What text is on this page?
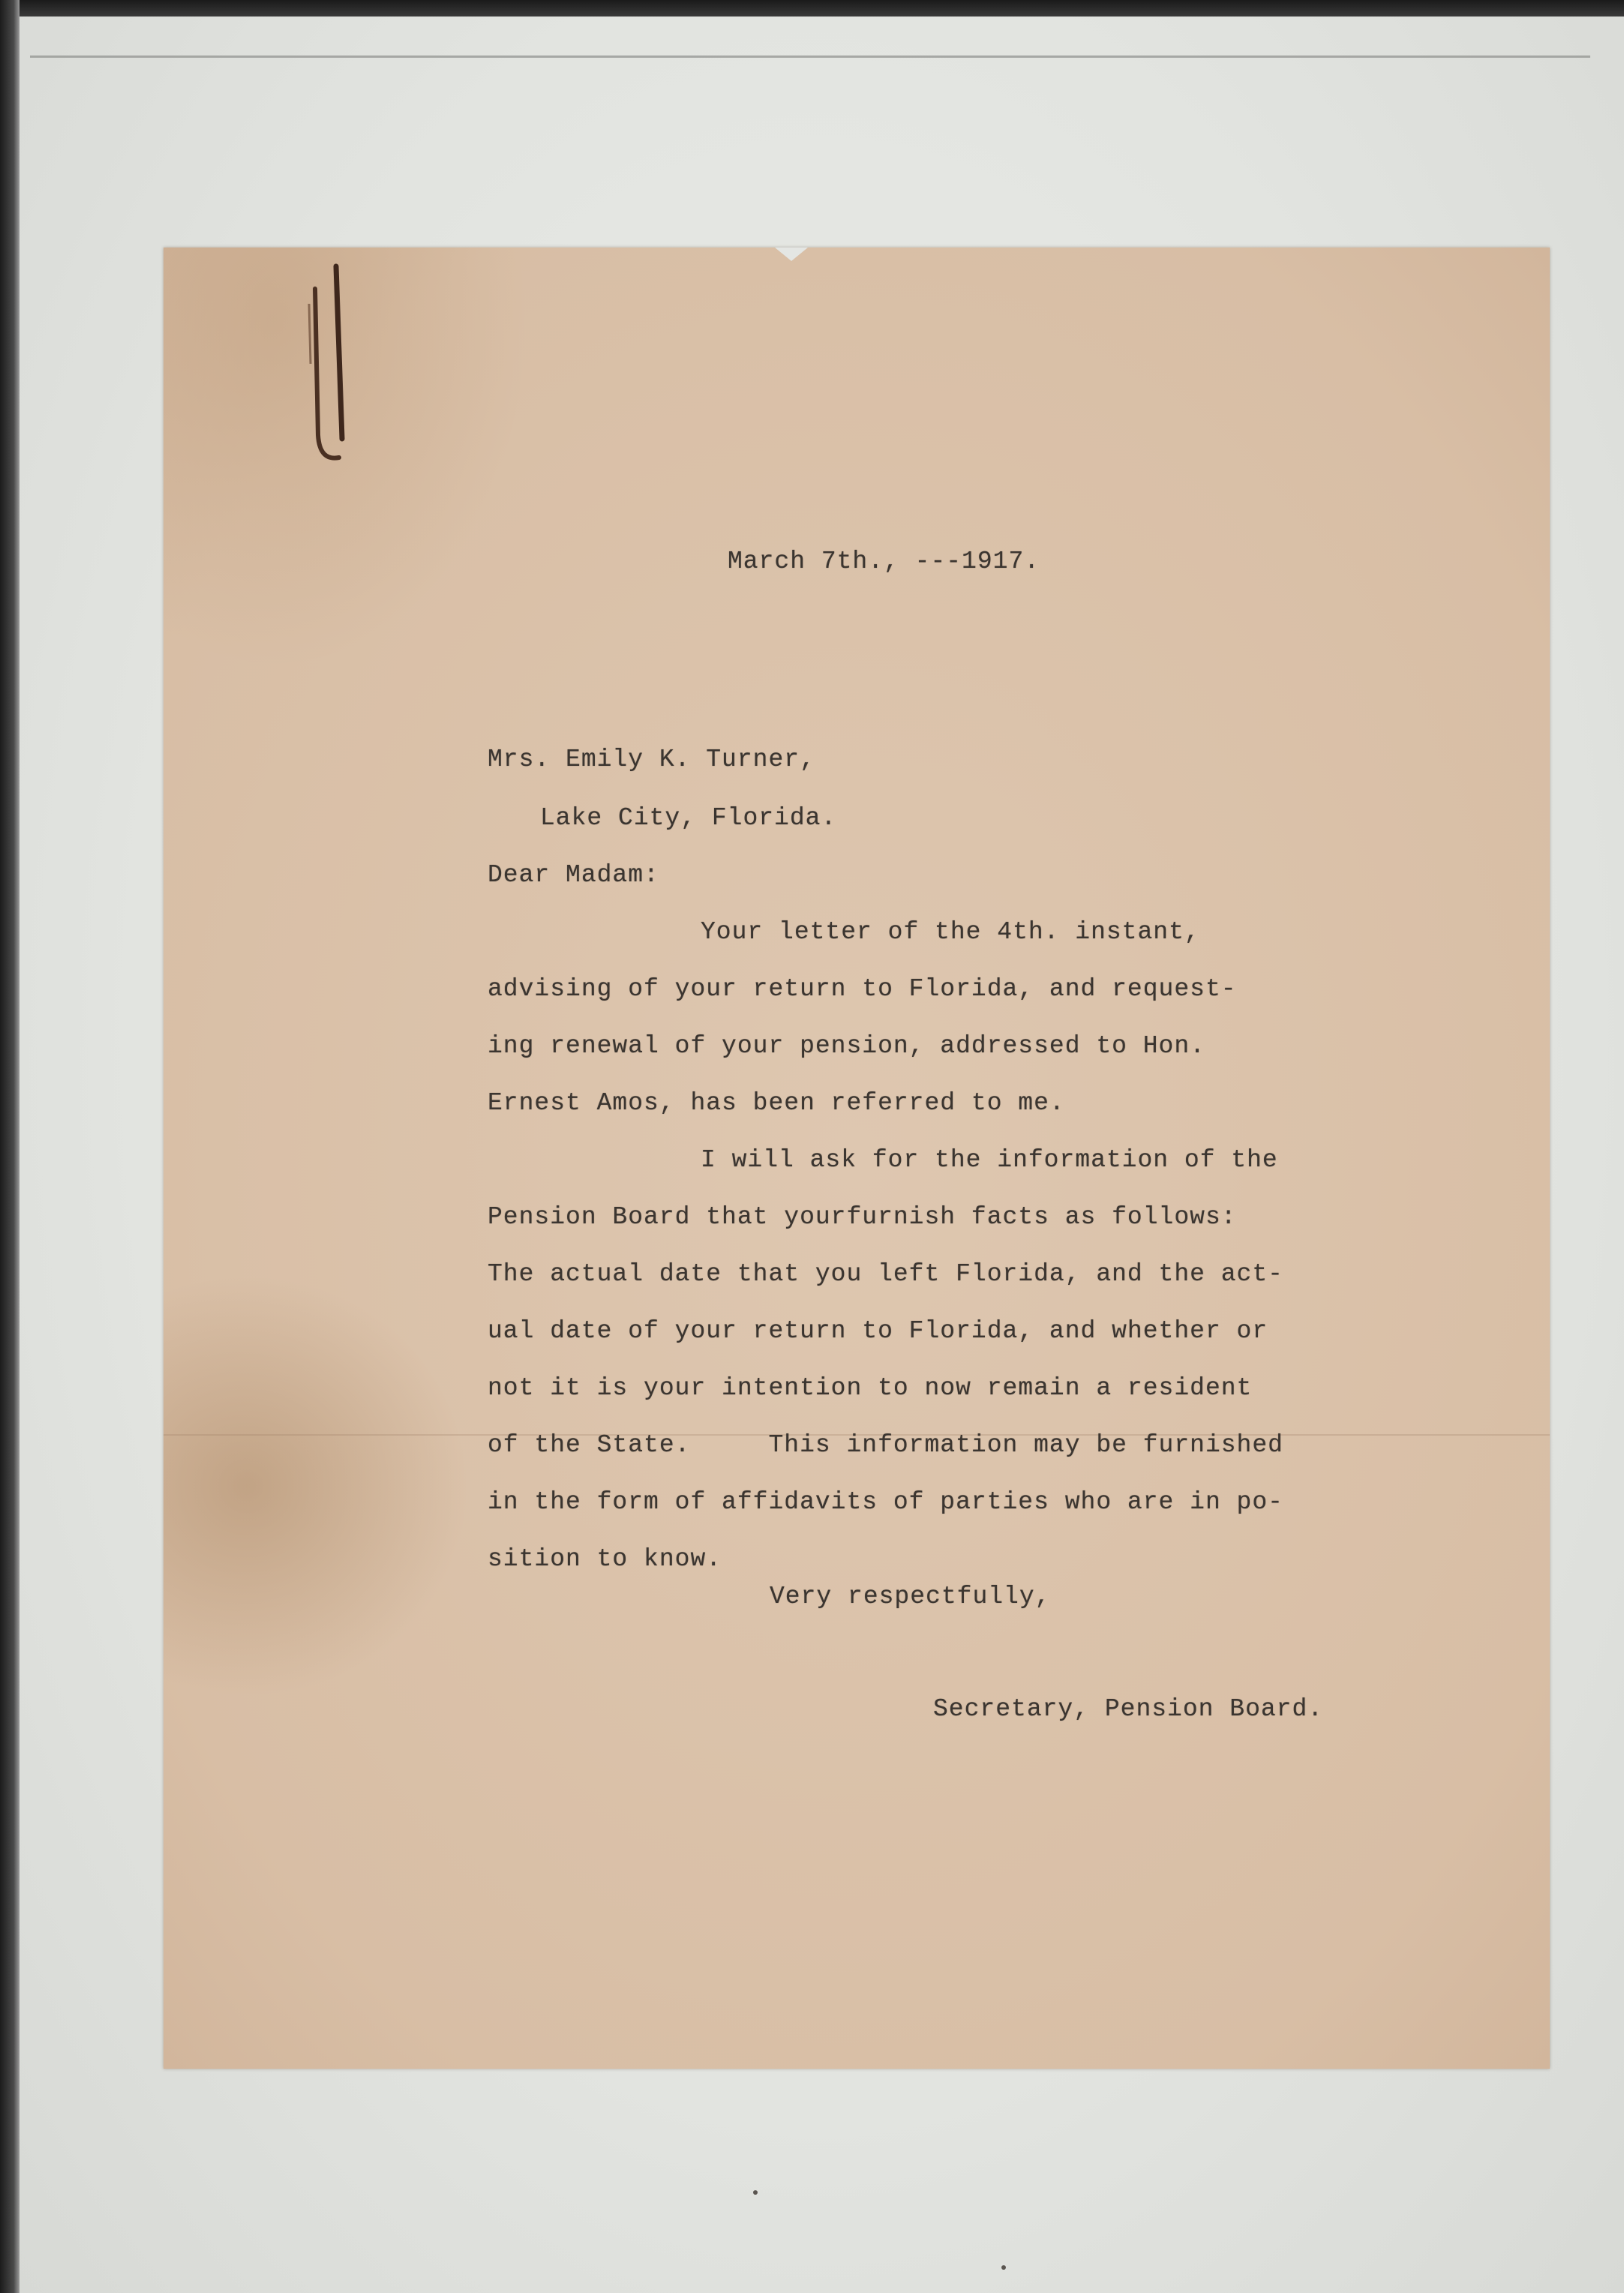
March 7th., ---1917.
Mrs. Emily K. Turner,
Lake City, Florida.
Dear Madam:
Your letter of the 4th. instant,
advising of your return to Florida, and request-
ing renewal of your pension, addressed to Hon.
Ernest Amos, has been referred to me.
I will ask for the information of the
Pension Board that yourfurnish facts as follows:
The actual date that you left Florida, and the act-
ual date of your return to Florida, and whether or
not it is your intention to now remain a resident
of the State.     This information may be furnished
in the form of affidavits of parties who are in po-
sition to know.
Very respectfully,
Secretary, Pension Board.
